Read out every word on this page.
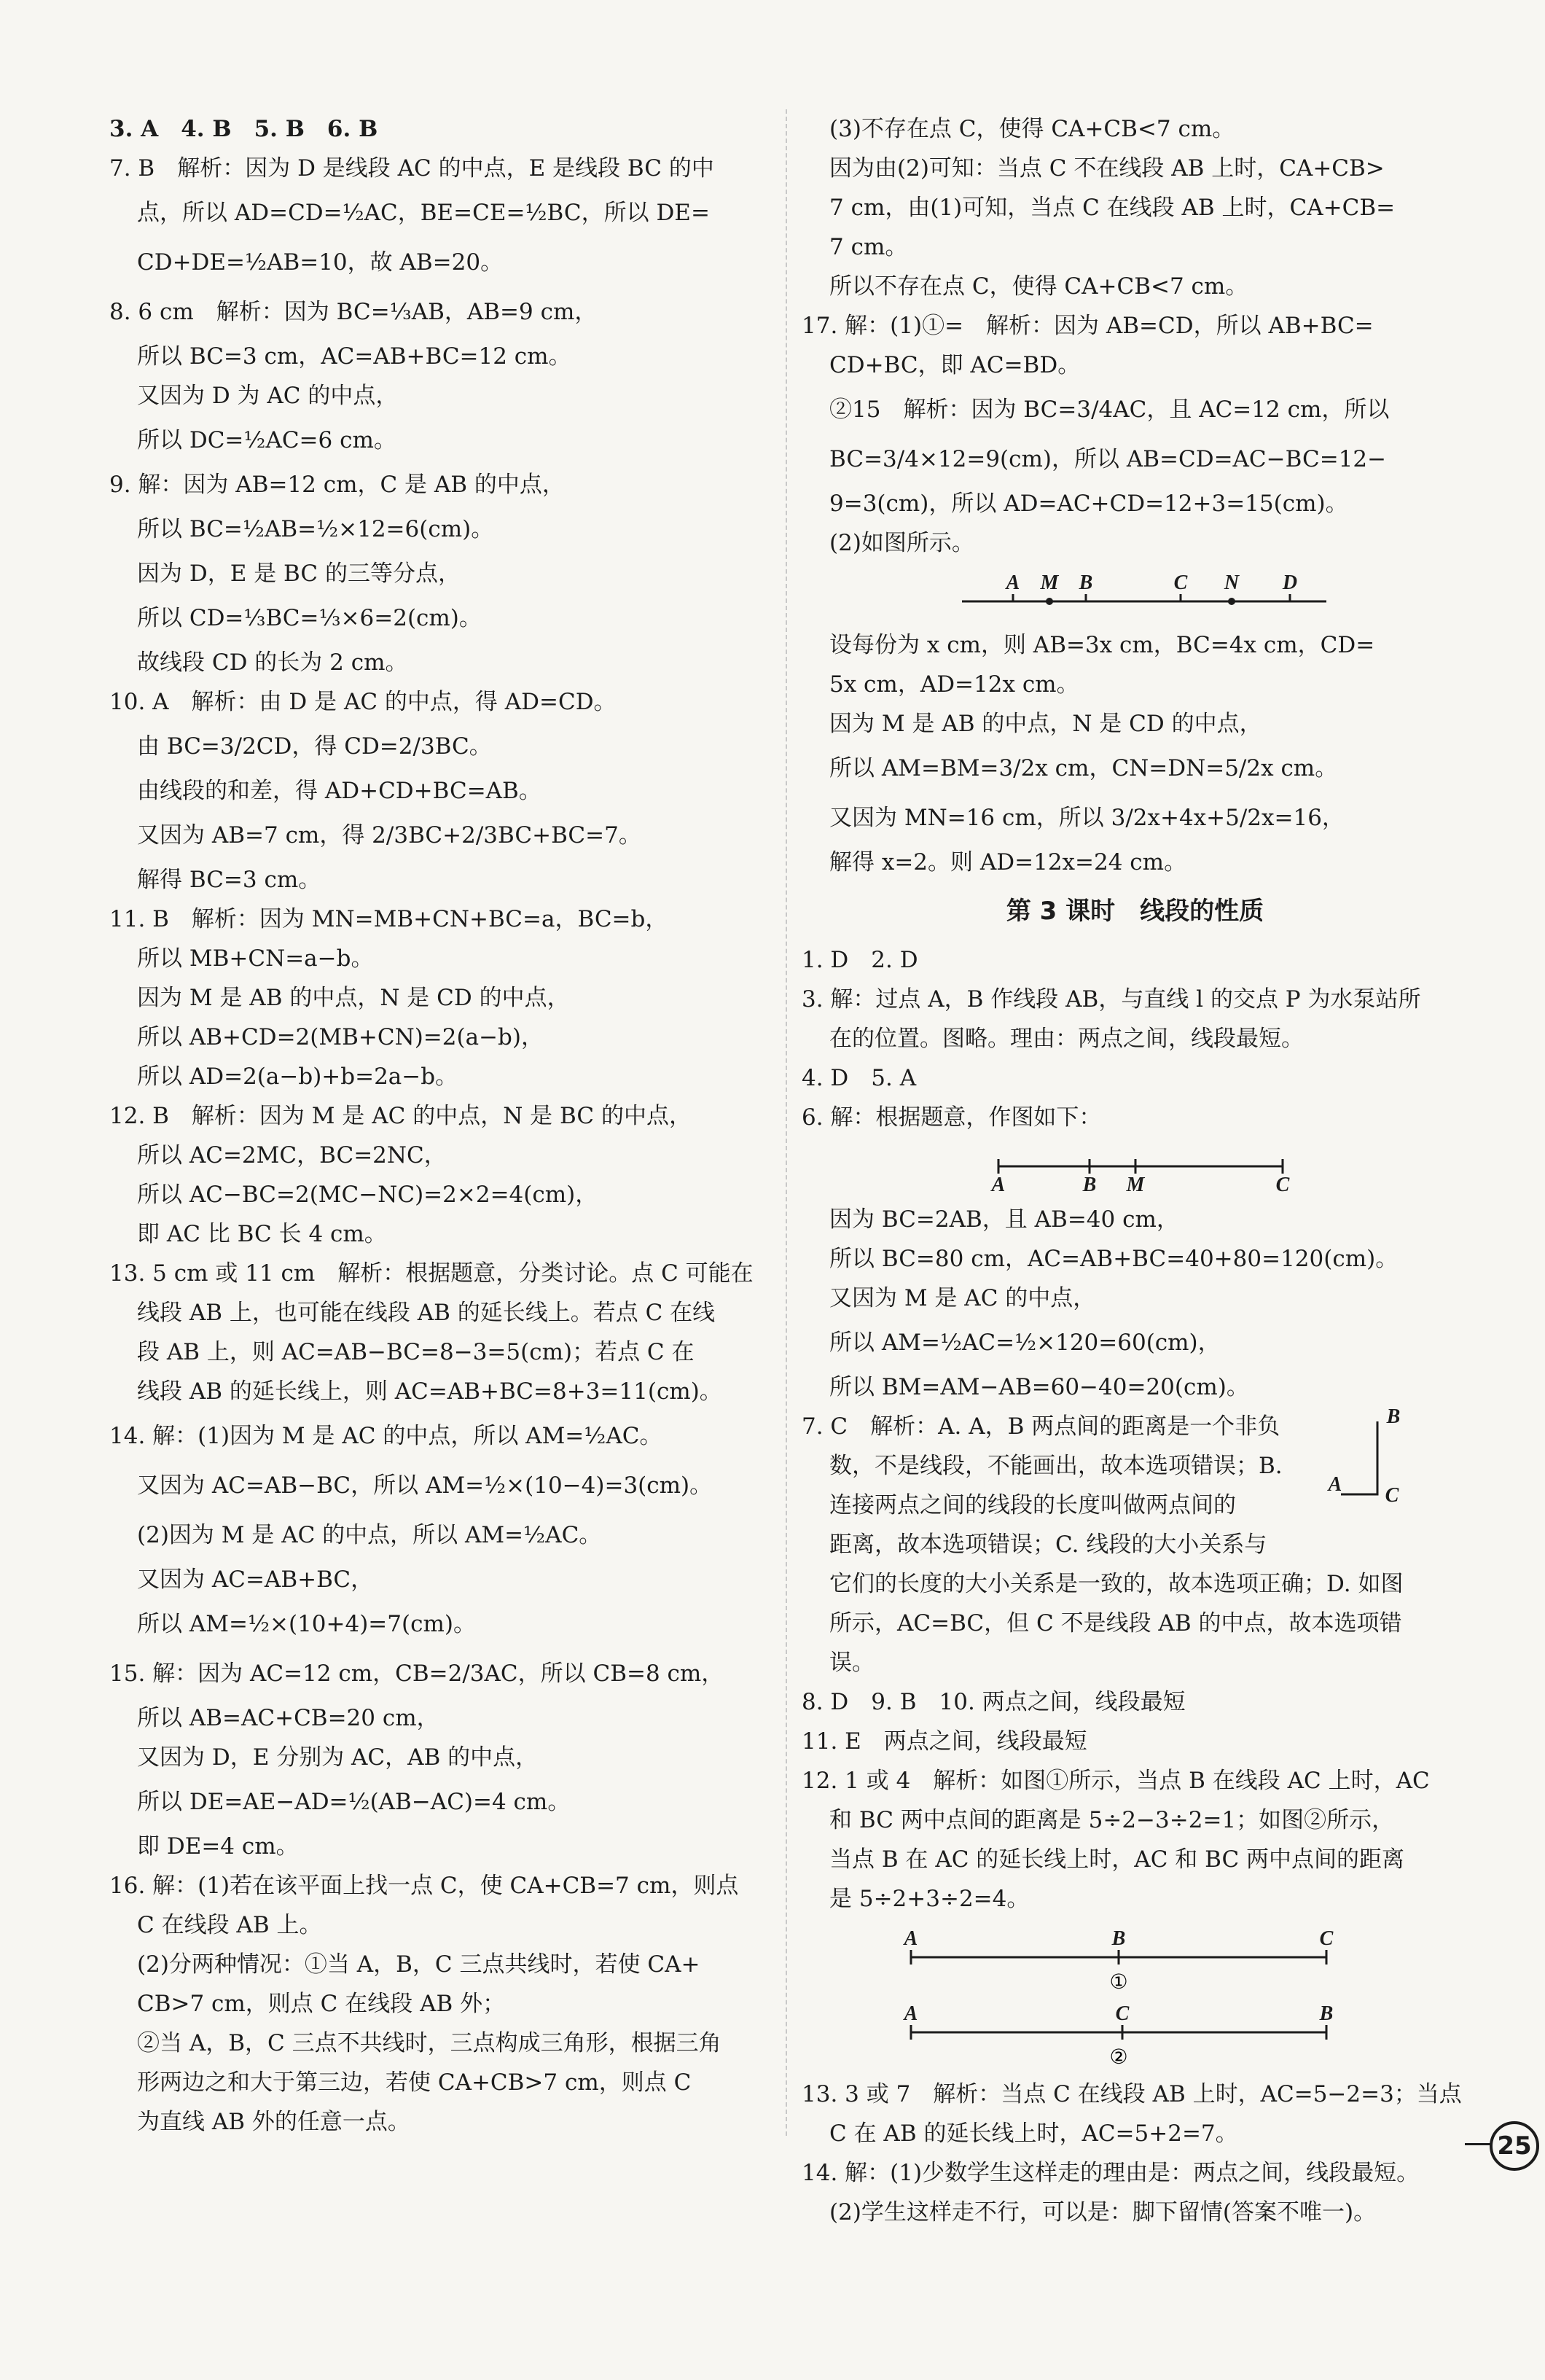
3. A　4. B　5. B　6. B
7. B　解析：因为 D 是线段 AC 的中点，E 是线段 BC 的中
点，所以 AD=CD=½AC，BE=CE=½BC，所以 DE=
CD+DE=½AB=10，故 AB=20。
8. 6 cm　解析：因为 BC=⅓AB，AB=9 cm，
所以 BC=3 cm，AC=AB+BC=12 cm。
又因为 D 为 AC 的中点，
所以 DC=½AC=6 cm。
9. 解：因为 AB=12 cm，C 是 AB 的中点，
所以 BC=½AB=½×12=6(cm)。
因为 D，E 是 BC 的三等分点，
所以 CD=⅓BC=⅓×6=2(cm)。
故线段 CD 的长为 2 cm。
10. A　解析：由 D 是 AC 的中点，得 AD=CD。
由 BC=3/2CD，得 CD=2/3BC。
由线段的和差，得 AD+CD+BC=AB。
又因为 AB=7 cm，得 2/3BC+2/3BC+BC=7。
解得 BC=3 cm。
11. B　解析：因为 MN=MB+CN+BC=a，BC=b，
所以 MB+CN=a−b。
因为 M 是 AB 的中点，N 是 CD 的中点，
所以 AB+CD=2(MB+CN)=2(a−b)，
所以 AD=2(a−b)+b=2a−b。
12. B　解析：因为 M 是 AC 的中点，N 是 BC 的中点，
所以 AC=2MC，BC=2NC，
所以 AC−BC=2(MC−NC)=2×2=4(cm)，
即 AC 比 BC 长 4 cm。
13. 5 cm 或 11 cm　解析：根据题意，分类讨论。点 C 可能在
线段 AB 上，也可能在线段 AB 的延长线上。若点 C 在线
段 AB 上，则 AC=AB−BC=8−3=5(cm)；若点 C 在
线段 AB 的延长线上，则 AC=AB+BC=8+3=11(cm)。
14. 解：(1)因为 M 是 AC 的中点，所以 AM=½AC。
又因为 AC=AB−BC，所以 AM=½×(10−4)=3(cm)。
(2)因为 M 是 AC 的中点，所以 AM=½AC。
又因为 AC=AB+BC，
所以 AM=½×(10+4)=7(cm)。
15. 解：因为 AC=12 cm，CB=2/3AC，所以 CB=8 cm，
所以 AB=AC+CB=20 cm，
又因为 D，E 分别为 AC，AB 的中点，
所以 DE=AE−AD=½(AB−AC)=4 cm。
即 DE=4 cm。
16. 解：(1)若在该平面上找一点 C，使 CA+CB=7 cm，则点
C 在线段 AB 上。
(2)分两种情况：①当 A，B，C 三点共线时，若使 CA+
CB>7 cm，则点 C 在线段 AB 外；
②当 A，B，C 三点不共线时，三点构成三角形，根据三角
形两边之和大于第三边，若使 CA+CB>7 cm，则点 C
为直线 AB 外的任意一点。
(3)不存在点 C，使得 CA+CB<7 cm。
因为由(2)可知：当点 C 不在线段 AB 上时，CA+CB>
7 cm，由(1)可知，当点 C 在线段 AB 上时，CA+CB=
7 cm。
所以不存在点 C，使得 CA+CB<7 cm。
17. 解：(1)①=　解析：因为 AB=CD，所以 AB+BC=
CD+BC，即 AC=BD。
②15　解析：因为 BC=3/4AC，且 AC=12 cm，所以
BC=3/4×12=9(cm)，所以 AB=CD=AC−BC=12−
9=3(cm)，所以 AD=AC+CD=12+3=15(cm)。
(2)如图所示。
A M B	C N D
设每份为 x cm，则 AB=3x cm，BC=4x cm，CD=
5x cm，AD=12x cm。
因为 M 是 AB 的中点，N 是 CD 的中点，
所以 AM=BM=3/2x cm，CN=DN=5/2x cm。
又因为 MN=16 cm，所以 3/2x+4x+5/2x=16，
解得 x=2。则 AD=12x=24 cm。
第 3 课时　线段的性质
1. D　2. D
3. 解：过点 A，B 作线段 AB，与直线 l 的交点 P 为水泵站所
在的位置。图略。理由：两点之间，线段最短。
4. D　5. A
6. 解：根据题意，作图如下：
A	B M	C
因为 BC=2AB，且 AB=40 cm，
所以 BC=80 cm，AC=AB+BC=40+80=120(cm)。
又因为 M 是 AC 的中点，
所以 AM=½AC=½×120=60(cm)，
所以 BM=AM−AB=60−40=20(cm)。
7. C　解析：A. A，B 两点间的距离是一个非负
数，不是线段，不能画出，故本选项错误；B.
连接两点之间的线段的长度叫做两点间的
距离，故本选项错误；C. 线段的大小关系与
它们的长度的大小关系是一致的，故本选项正确；D. 如图
所示，AC=BC，但 C 不是线段 AB 的中点，故本选项错
误。
B
A C
8. D　9. B　10. 两点之间，线段最短
11. E　两点之间，线段最短
12. 1 或 4　解析：如图①所示，当点 B 在线段 AC 上时，AC
和 BC 两中点间的距离是 5÷2−3÷2=1；如图②所示，
当点 B 在 AC 的延长线上时，AC 和 BC 两中点间的距离
是 5÷2+3÷2=4。
A	B	C
①
A	C	B
②
13. 3 或 7　解析：当点 C 在线段 AB 上时，AC=5−2=3；当点
C 在 AB 的延长线上时，AC=5+2=7。
14. 解：(1)少数学生这样走的理由是：两点之间，线段最短。
(2)学生这样走不行，可以是：脚下留情(答案不唯一)。
25
